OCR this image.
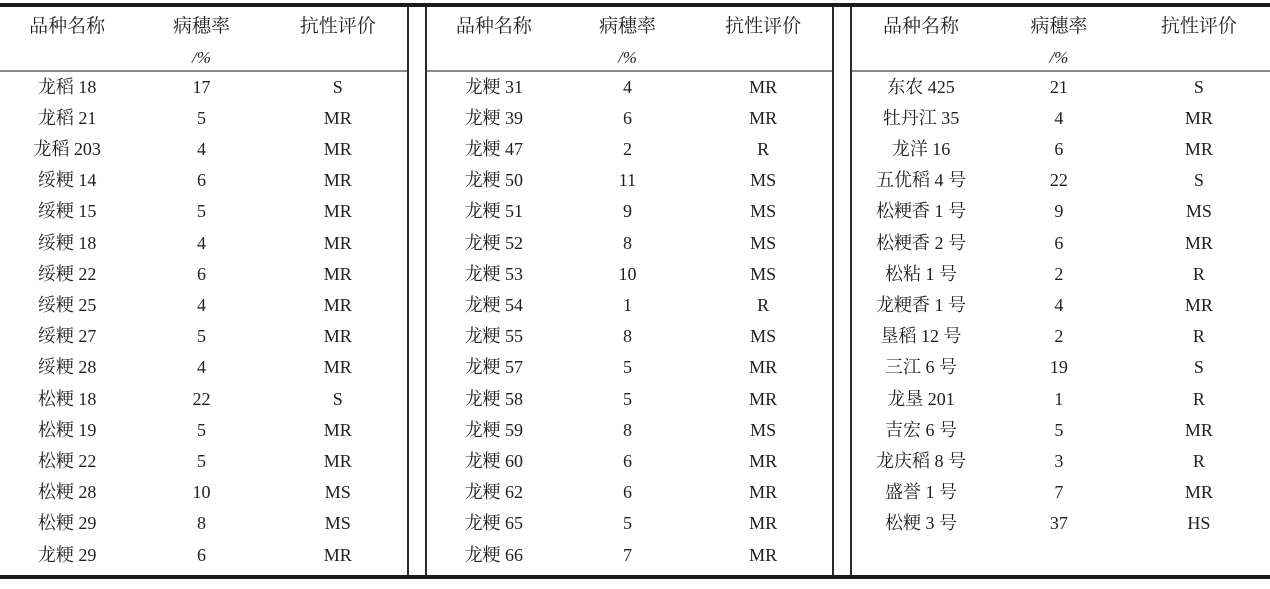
品种名称	病穗率	抗性评价
/%
龙稻 18	17	S
龙稻 21	5	MR
龙稻 203	4	MR
绥粳 14	6	MR
绥粳 15	5	MR
绥粳 18	4	MR
绥粳 22	6	MR
绥粳 25	4	MR
绥粳 27	5	MR
绥粳 28	4	MR
松粳 18	22	S
松粳 19	5	MR
松粳 22	5	MR
松粳 28	10	MS
松粳 29	8	MS
龙粳 29	6	MR
品种名称	病穗率	抗性评价
/%
龙粳 31	4	MR
龙粳 39	6	MR
龙粳 47	2	R
龙粳 50	11	MS
龙粳 51	9	MS
龙粳 52	8	MS
龙粳 53	10	MS
龙粳 54	1	R
龙粳 55	8	MS
龙粳 57	5	MR
龙粳 58	5	MR
龙粳 59	8	MS
龙粳 60	6	MR
龙粳 62	6	MR
龙粳 65	5	MR
龙粳 66	7	MR
品种名称	病穗率	抗性评价
/%
东农 425	21	S
牡丹江 35	4	MR
龙洋 16	6	MR
五优稻 4 号	22	S
松粳香 1 号	9	MS
松粳香 2 号	6	MR
松粘 1 号	2	R
龙粳香 1 号	4	MR
垦稻 12 号	2	R
三江 6 号	19	S
龙垦 201	1	R
吉宏 6 号	5	MR
龙庆稻 8 号	3	R
盛誉 1 号	7	MR
松粳 3 号	37	HS
